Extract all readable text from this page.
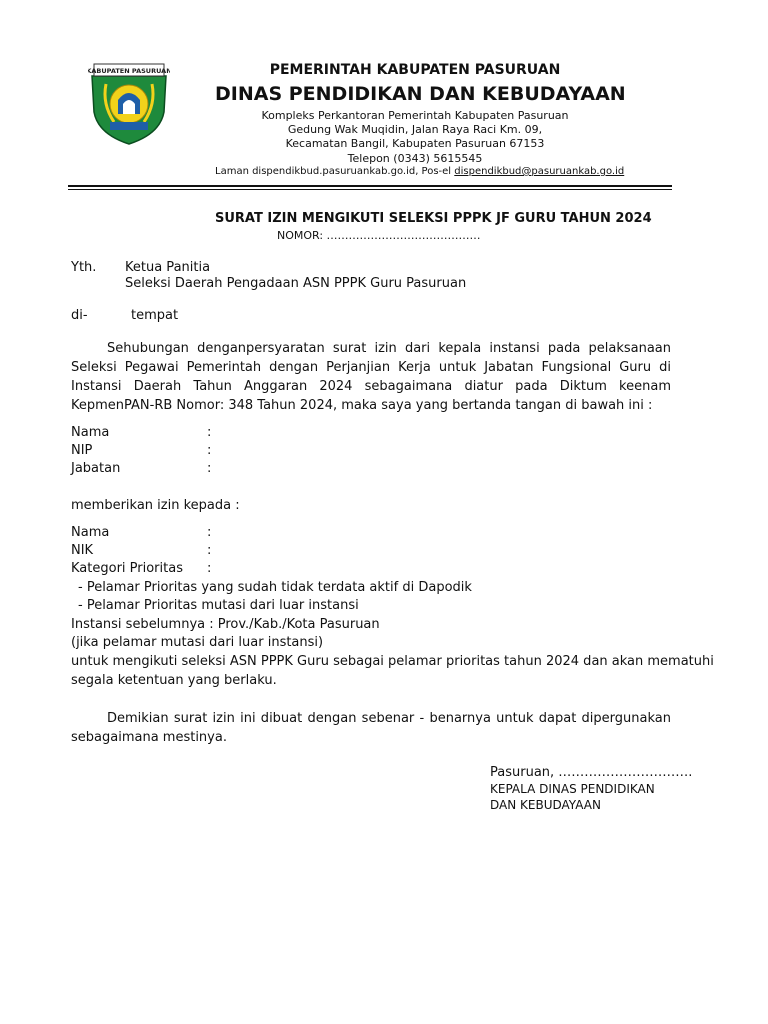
KABUPATEN PASURUAN	PEMERINTAH KABUPATEN PASURUAN
DINAS PENDIDIKAN DAN KEBUDAYAAN
Kompleks Perkantoran Pemerintah Kabupaten Pasuruan
Gedung Wak Muqidin, Jalan Raya Raci Km. 09,
Kecamatan Bangil, Kabupaten Pasuruan 67153
Telepon (0343) 5615545
Laman dispendikbud.pasuruankab.go.id, Pos-el dispendikbud@pasuruankab.go.id
SURAT IZIN MENGIKUTI SELEKSI PPPK JF GURU TAHUN 2024
NOMOR: ……………………………………
Yth. Ketua Panitia
Seleksi Daerah Pengadaan ASN PPPK Guru Pasuruan
di-	tempat
Sehubungan denganpersyaratan surat izin dari kepala instansi pada pelaksanaan Seleksi Pegawai Pemerintah dengan Perjanjian Kerja untuk Jabatan Fungsional Guru di Instansi Daerah Tahun Anggaran 2024 sebagaimana diatur pada Diktum keenam KepmenPAN-RB Nomor: 348 Tahun 2024, maka saya yang bertanda tangan di bawah ini :
Nama	:
NIP	:
Jabatan	:
memberikan izin kepada :
Nama	:
NIK	:
Kategori Prioritas :
- Pelamar Prioritas yang sudah tidak terdata aktif di Dapodik
- Pelamar Prioritas mutasi dari luar instansi
Instansi sebelumnya : Prov./Kab./Kota Pasuruan
(jika pelamar mutasi dari luar instansi)
untuk mengikuti seleksi ASN PPPK Guru sebagai pelamar prioritas tahun 2024 dan akan mematuhi
segala ketentuan yang berlaku.
Demikian surat izin ini dibuat dengan sebenar - benarnya untuk dapat dipergunakan sebagaimana mestinya.
Pasuruan, ………………………….
KEPALA DINAS PENDIDIKAN
DAN KEBUDAYAAN
